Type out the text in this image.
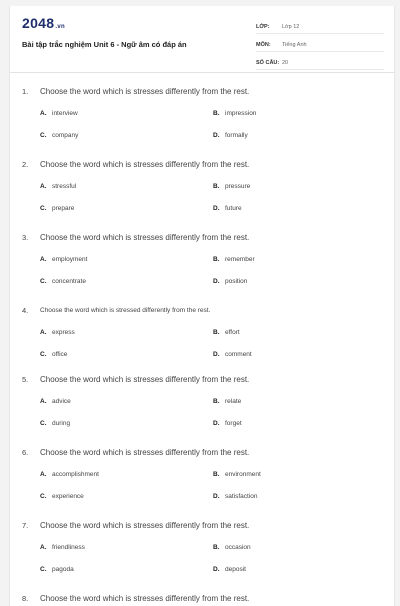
2048.vn
Bài tập trắc nghiệm Unit 6 - Ngữ âm có đáp án
LỚP:	Lớp 12
MÔN:	Tiếng Anh
SỐ CÂU: 20
1. Choose the word which is stresses differently from the rest.
A. interview	B. impression
C. company	D. formally
2. Choose the word which is stresses differently from the rest.
A. stressful	B. pressure
C. prepare	D. future
3. Choose the word which is stresses differently from the rest.
A. employment	B. remember
C. concentrate	D. position
4. Choose the word which is stressed differently from the rest.
A. express	B. effort
C. office	D. comment
5. Choose the word which is stresses differently from the rest.
A. advice	B. relate
C. during	D. forget
6. Choose the word which is stresses differently from the rest.
A. accomplishment	B. environment
C. experience	D. satisfaction
7. Choose the word which is stresses differently from the rest.
A. friendliness	B. occasion
C. pagoda	D. deposit
8. Choose the word which is stresses differently from the rest.
